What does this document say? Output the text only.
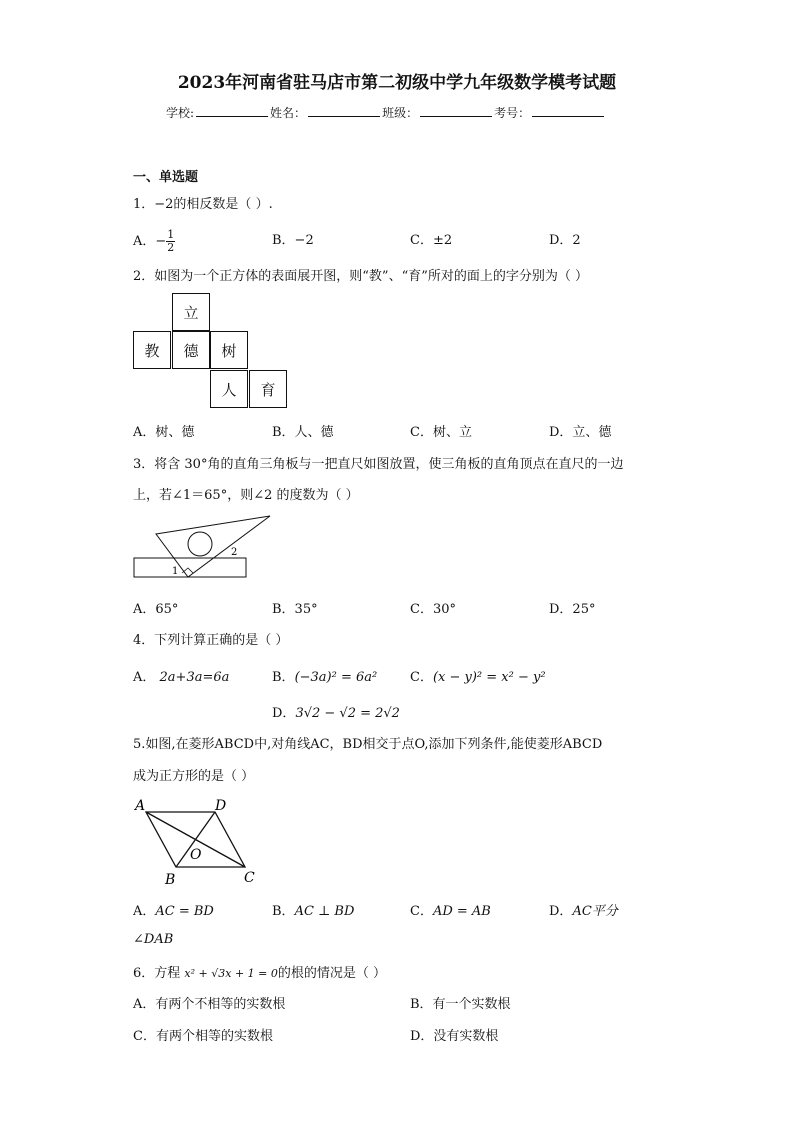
2023年河南省驻马店市第二初级中学九年级数学模考试题
学校:	姓名：	班级：	考号：
一、单选题
1．−2的相反数是（ ）.
A．− $\frac{1}{2}$	B．−2	C．±2	D．2
2．如图为一个正方体的表面展开图，则“教”、“育”所对的面上的字分别为（ ）
立
教	德	树
人	育
A．树、德	B．人、德	C．树、立	D．立、德
3．将含 30°角的直角三角板与一把直尺如图放置，使三角板的直角顶点在直尺的一边
上，若∠1＝65°，则∠2 的度数为（ ）
1
2
A．65°	B．35°	C．30°	D．25°
4．下列计算正确的是（ ）
A． 2a+3a=6a	B．(−3a)² = 6a²	C．(x − y)² = x² − y²
D．3√2 − √2 = 2√2
5.如图,在菱形ABCD中,对角线AC，BD相交于点O,添加下列条件,能使菱形ABCD
成为正方形的是（ ）
A	D
B	C
O
A．AC = BD	B．AC ⊥ BD	C．AD = AB	D．AC平分
∠DAB
6．方程 x² + √3x + 1 = 0的根的情况是（ ）
A．有两个不相等的实数根	B．有一个实数根
C．有两个相等的实数根	D．没有实数根
